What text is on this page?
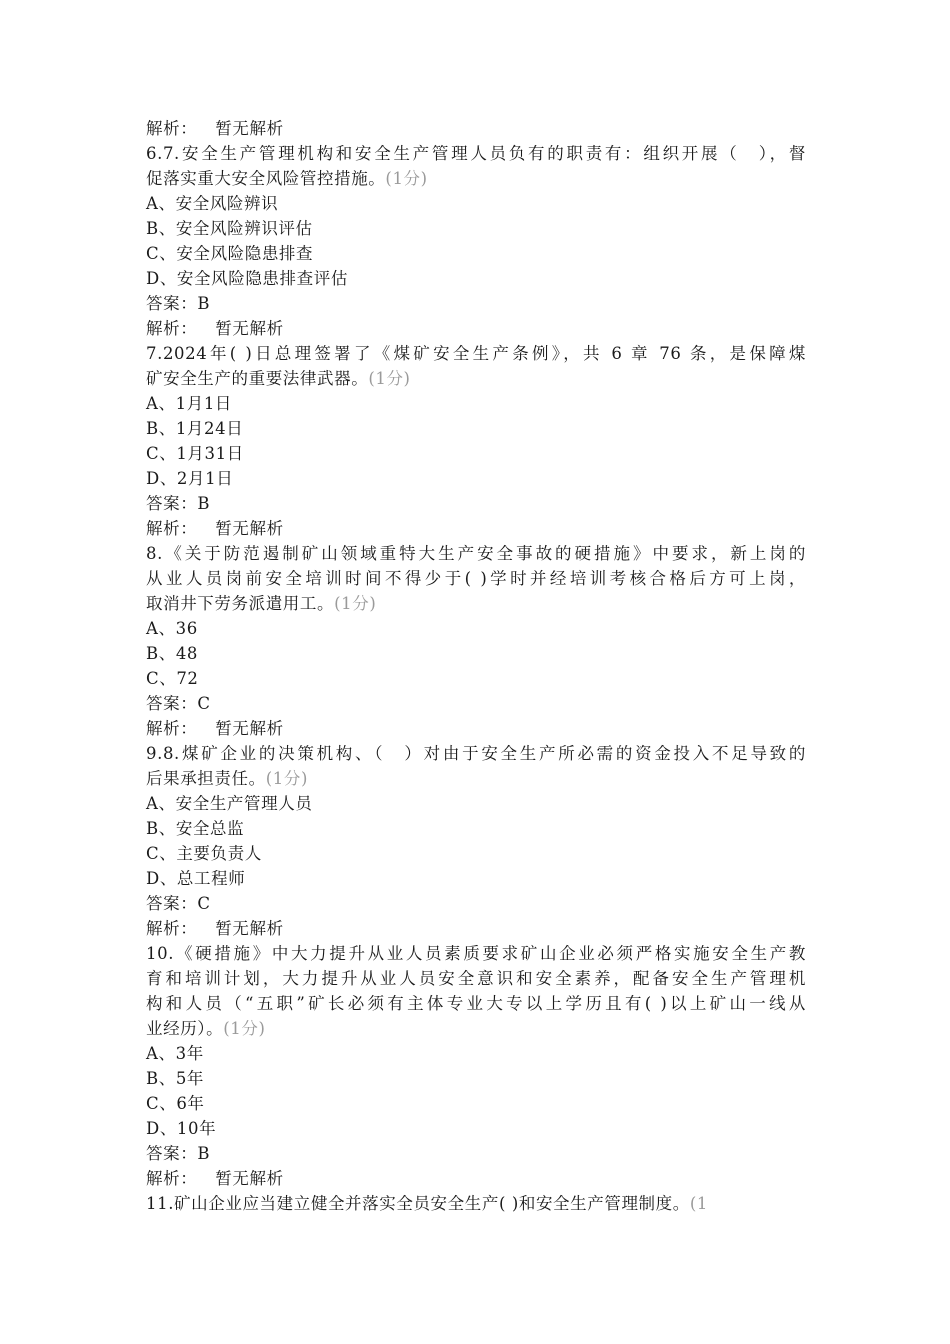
解析： 暂无解析
6.7.安全生产管理机构和安全生产管理人员负有的职责有：组织开展（　），督
促落实重大安全风险管控措施。(1分)
A、安全风险辨识
B、安全风险辨识评估
C、安全风险隐患排查
D、安全风险隐患排查评估
答案：B
解析： 暂无解析
7.2024年( )日总理签署了《煤矿安全生产条例》，共 6 章 76 条，是保障煤
矿安全生产的重要法律武器。(1分)
A、1月1日
B、1月24日
C、1月31日
D、2月1日
答案：B
解析： 暂无解析
8.《关于防范遏制矿山领域重特大生产安全事故的硬措施》中要求，新上岗的
从业人员岗前安全培训时间不得少于( )学时并经培训考核合格后方可上岗，
取消井下劳务派遣用工。(1分)
A、36
B、48
C、72
答案：C
解析： 暂无解析
9.8.煤矿企业的决策机构、（　）对由于安全生产所必需的资金投入不足导致的
后果承担责任。(1分)
A、安全生产管理人员
B、安全总监
C、主要负责人
D、总工程师
答案：C
解析： 暂无解析
10.《硬措施》中大力提升从业人员素质要求矿山企业必须严格实施安全生产教
育和培训计划，大力提升从业人员安全意识和安全素养，配备安全生产管理机
构和人员（“五职”矿长必须有主体专业大专以上学历且有( )以上矿山一线从
业经历）。(1分)
A、3年
B、5年
C、6年
D、10年
答案：B
解析： 暂无解析
11.矿山企业应当建立健全并落实全员安全生产( )和安全生产管理制度。(1
